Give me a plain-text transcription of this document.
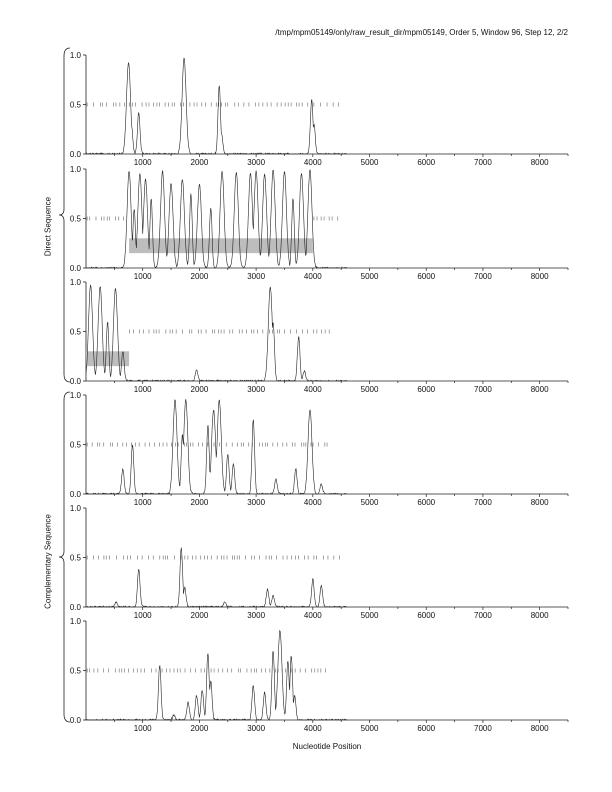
/tmp/mpm05149/only/raw_result_dir/mpm05149, Order 5, Window 96, Step 12, 2/2
Direct Sequence
Complementary Sequence
Nucleotide Position
0.0
0.5
1.0
1000	2000	3000	4000	5000	6000	7000	8000
0.0
0.5
1.0
1000	2000	3000	4000	5000	6000	7000	8000
0.0
0.5
1.0
1000	2000	3000	4000	5000	6000	7000	8000
0.0
0.5
1.0
1000	2000	3000	4000	5000	6000	7000	8000
0.0
0.5
1.0
1000	2000	3000	4000	5000	6000	7000	8000
0.0
0.5
1.0
1000	2000	3000	4000	5000	6000	7000	8000
